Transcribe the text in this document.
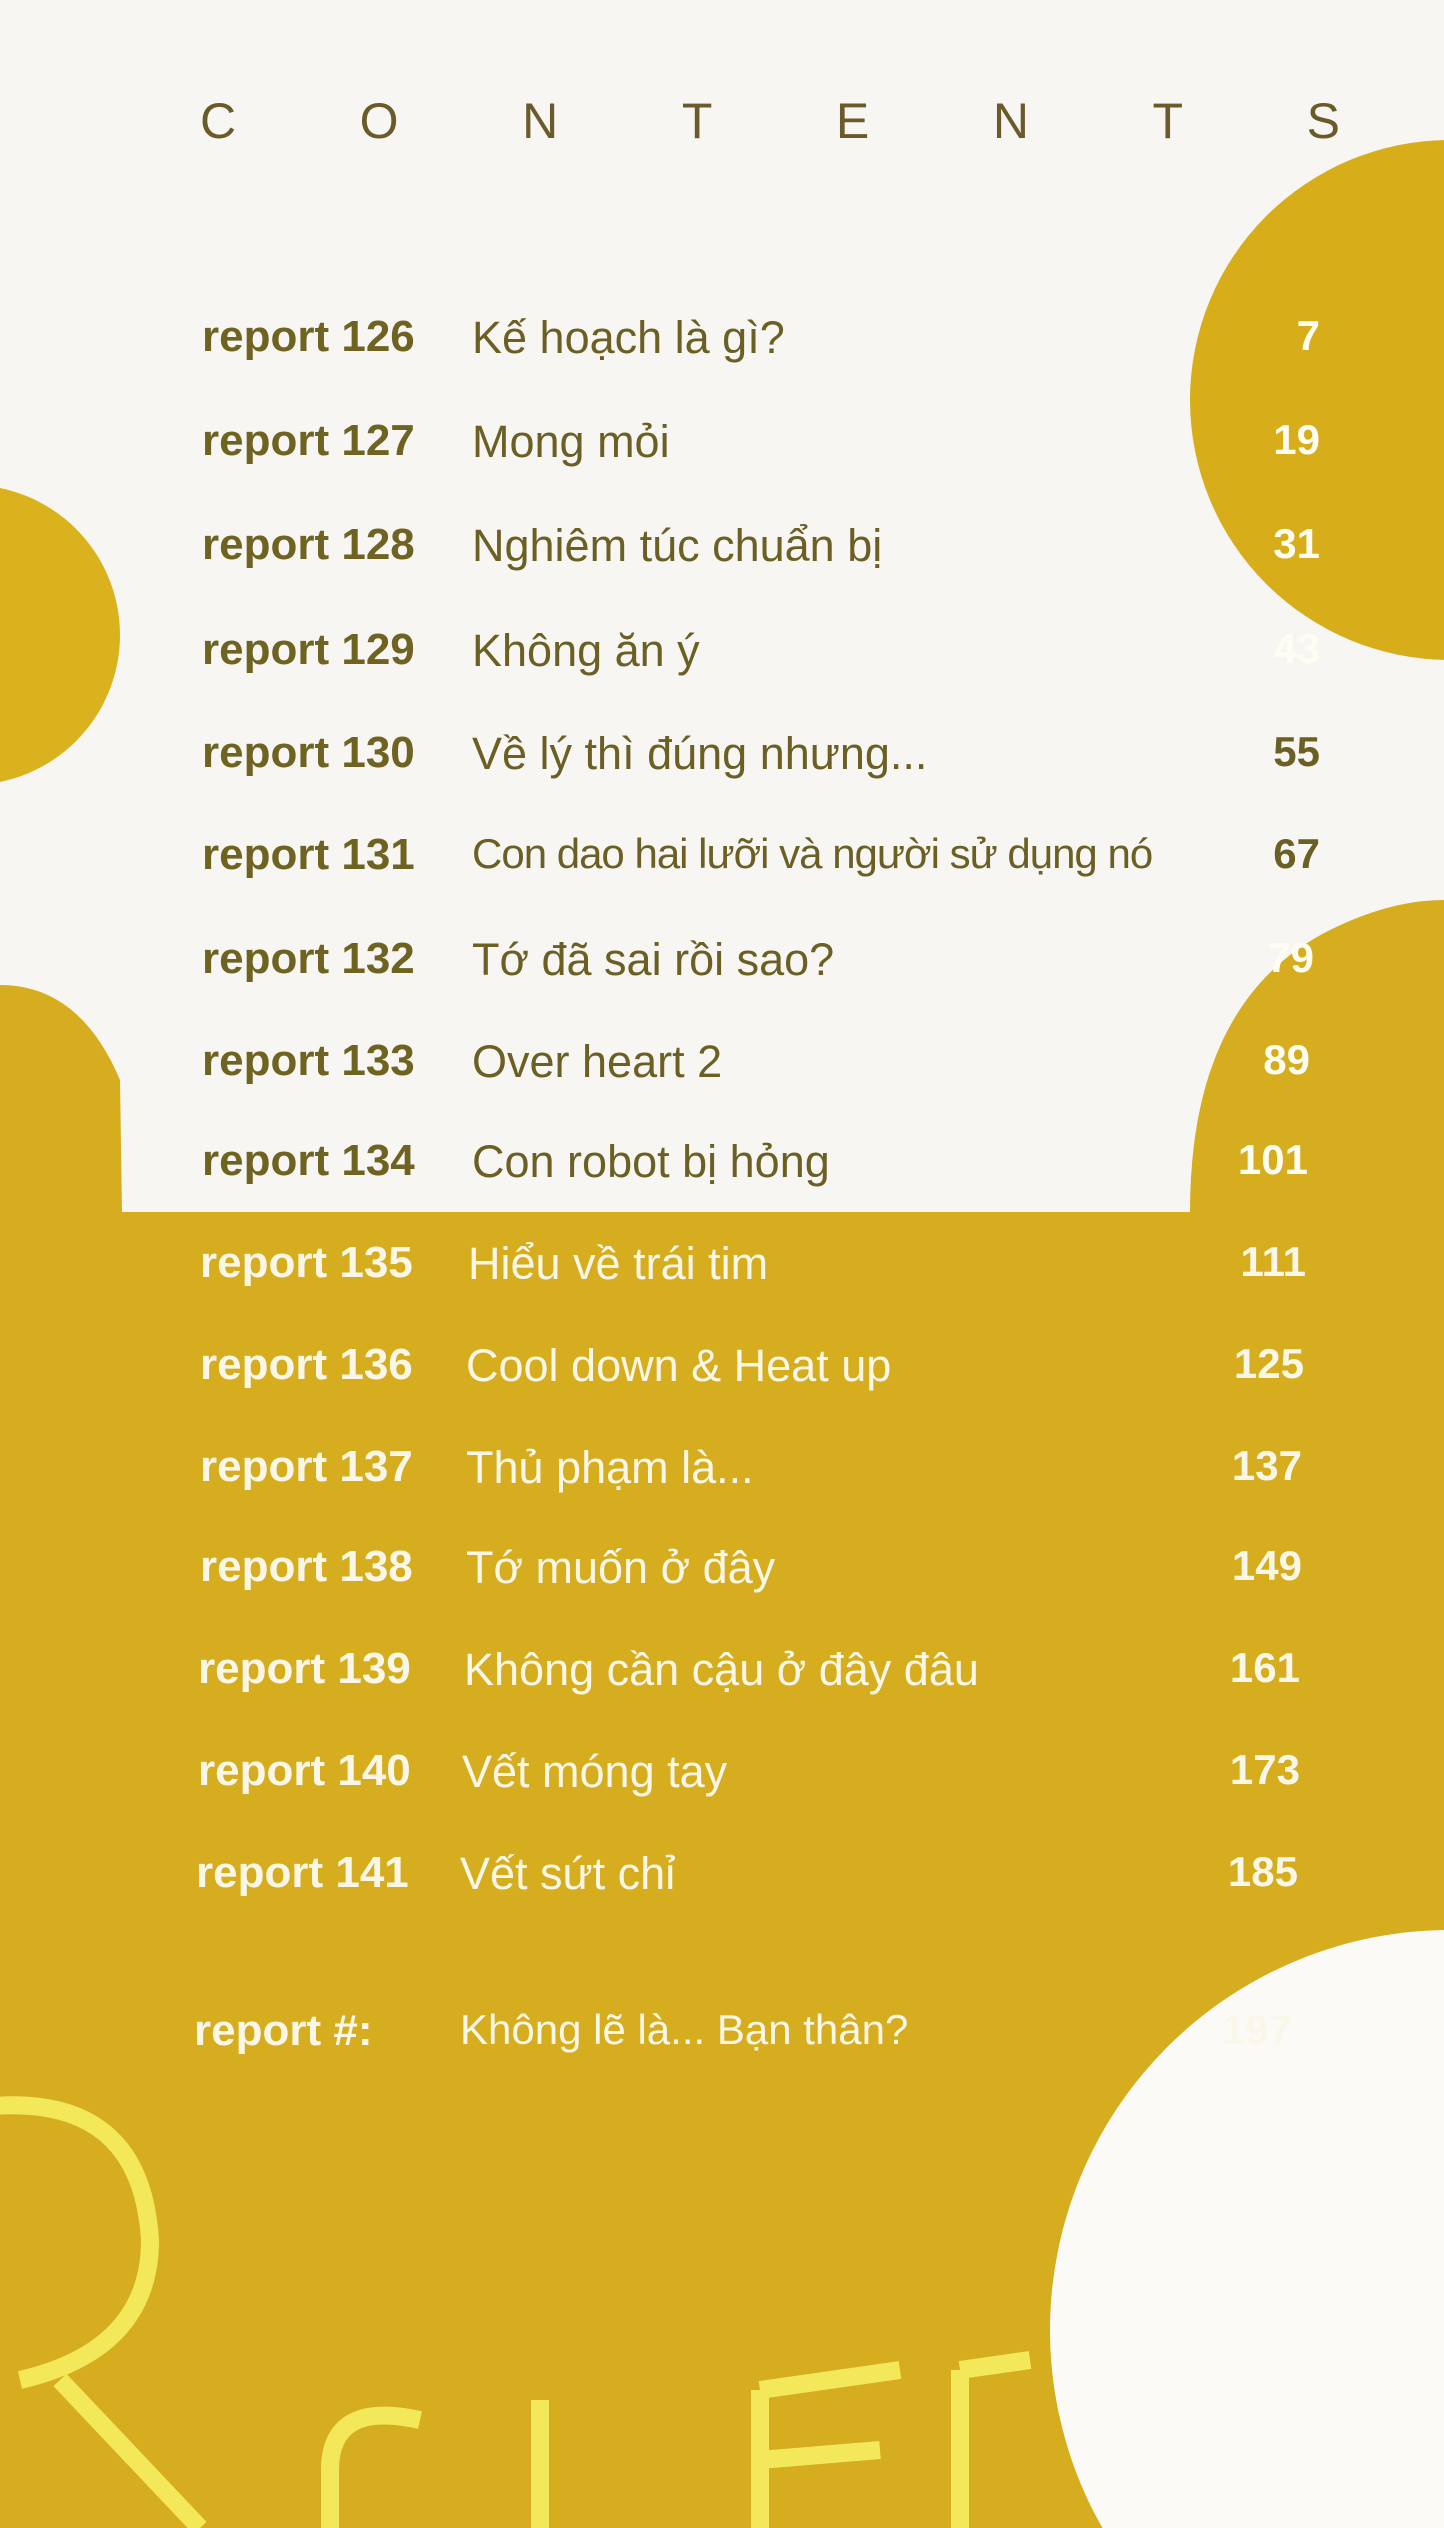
C O N T E N T S
report 126 Kế hoạch là gì?	7
report 127 Mong mỏi	19
report 128 Nghiêm túc chuẩn bị	31
report 129 Không ăn ý	43
report 130 Về lý thì đúng nhưng...	55
report 131 Con dao hai lưỡi và người sử dụng nó	67
report 132 Tớ đã sai rồi sao?	79
report 133 Over heart 2	89
report 134 Con robot bị hỏng	101
report 135 Hiểu về trái tim	111
report 136 Cool down & Heat up	125
report 137 Thủ phạm là...	137
report 138 Tớ muốn ở đây	149
report 139 Không cần cậu ở đây đâu	161
report 140 Vết móng tay	173
report 141 Vết sứt chỉ	185
report #: Không lẽ là... Bạn thân?	197
